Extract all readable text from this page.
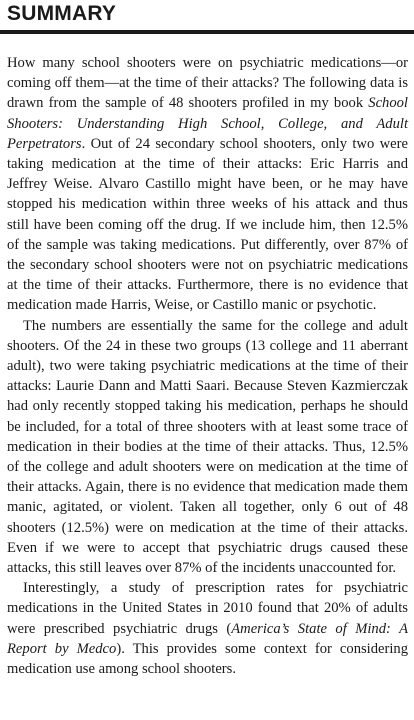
SUMMARY

How many school shooters were on psychiatric medications—or coming off them—at the time of their attacks? The following data is drawn from the sample of 48 shooters profiled in my book School Shooters: Understanding High School, College, and Adult Perpetrators. Out of 24 secondary school shooters, only two were taking medication at the time of their attacks: Eric Harris and Jeffrey Weise. Alvaro Castillo might have been, or he may have stopped his medication within three weeks of his attack and thus still have been coming off the drug. If we include him, then 12.5% of the sample was taking medications. Put differently, over 87% of the secondary school shooters were not on psychiatric medications at the time of their attacks. Furthermore, there is no evidence that medication made Harris, Weise, or Castillo manic or psychotic.

The numbers are essentially the same for the college and adult shooters. Of the 24 in these two groups (13 college and 11 aberrant adult), two were taking psychiatric medications at the time of their attacks: Laurie Dann and Matti Saari. Because Steven Kazmierczak had only recently stopped taking his medication, perhaps he should be included, for a total of three shooters with at least some trace of medication in their bodies at the time of their attacks. Thus, 12.5% of the college and adult shooters were on medication at the time of their attacks. Again, there is no evidence that medication made them manic, agitated, or violent. Taken all together, only 6 out of 48 shooters (12.5%) were on medication at the time of their attacks. Even if we were to accept that psychiatric drugs caused these attacks, this still leaves over 87% of the incidents unaccounted for.

Interestingly, a study of prescription rates for psychiatric medications in the United States in 2010 found that 20% of adults were prescribed psychiatric drugs (America’s State of Mind: A Report by Medco). This provides some context for considering medication use among school shooters.
